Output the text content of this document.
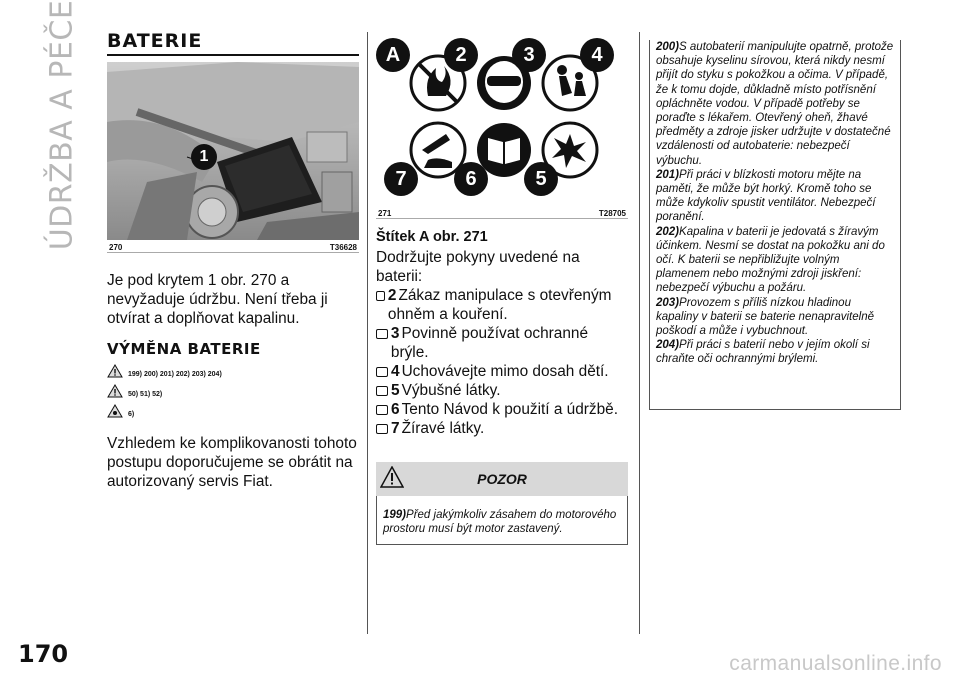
ÚDRŽBA A PÉČE BATERIE
1
270	T36628

Je pod krytem 1 obr. 270 a nevyžaduje údržbu. Není třeba ji otvírat a doplňovat kapalinu.

VÝMĚNA BATERIE
199) 200) 201) 202) 203) 204)
50) 51) 52)
6)

Vzhledem ke komplikovanosti tohoto postupu doporučujeme se obrátit na autorizovaný servis Fiat.

A	2	3	4
7	6	5
271	T28705
Štítek A obr. 271
Dodržujte pokyny uvedené na baterii:
2 Zákaz manipulace s otevřeným ohněm a kouření.
3 Povinně používat ochranné brýle.
4 Uchovávejte mimo dosah dětí.
5 Výbušné látky.
6 Tento Návod k použití a údržbě.
7 Žíravé látky.
POZOR
199)Před jakýmkoliv zásahem do motorového prostoru musí být motor zastavený.

200)S autobaterií manipulujte opatrně, protože obsahuje kyselinu sírovou, která nikdy nesmí přijít do styku s pokožkou a očima. V případě, že k tomu dojde, důkladně místo potřísnění opláchněte vodou. V případě potřeby se poraďte s lékařem. Otevřený oheň, žhavé předměty a zdroje jisker udržujte v dostatečné vzdálenosti od autobaterie: nebezpečí výbuchu.

201)Při práci v blízkosti motoru mějte na paměti, že může být horký. Kromě toho se může kdykoliv spustit ventilátor. Nebezpečí poranění.

202)Kapalina v baterii je jedovatá s žíravým účinkem. Nesmí se dostat na pokožku ani do očí. K baterii se nepřibližujte volným plamenem nebo možnými zdroji jiskření: nebezpečí výbuchu a požáru.

203)Provozem s příliš nízkou hladinou kapaliny v baterii se baterie nenapravitelně poškodí a může i vybuchnout.

204)Při práci s baterií nebo v jejím okolí si chraňte oči ochrannými brýlemi.

170	carmanualsonline.info
